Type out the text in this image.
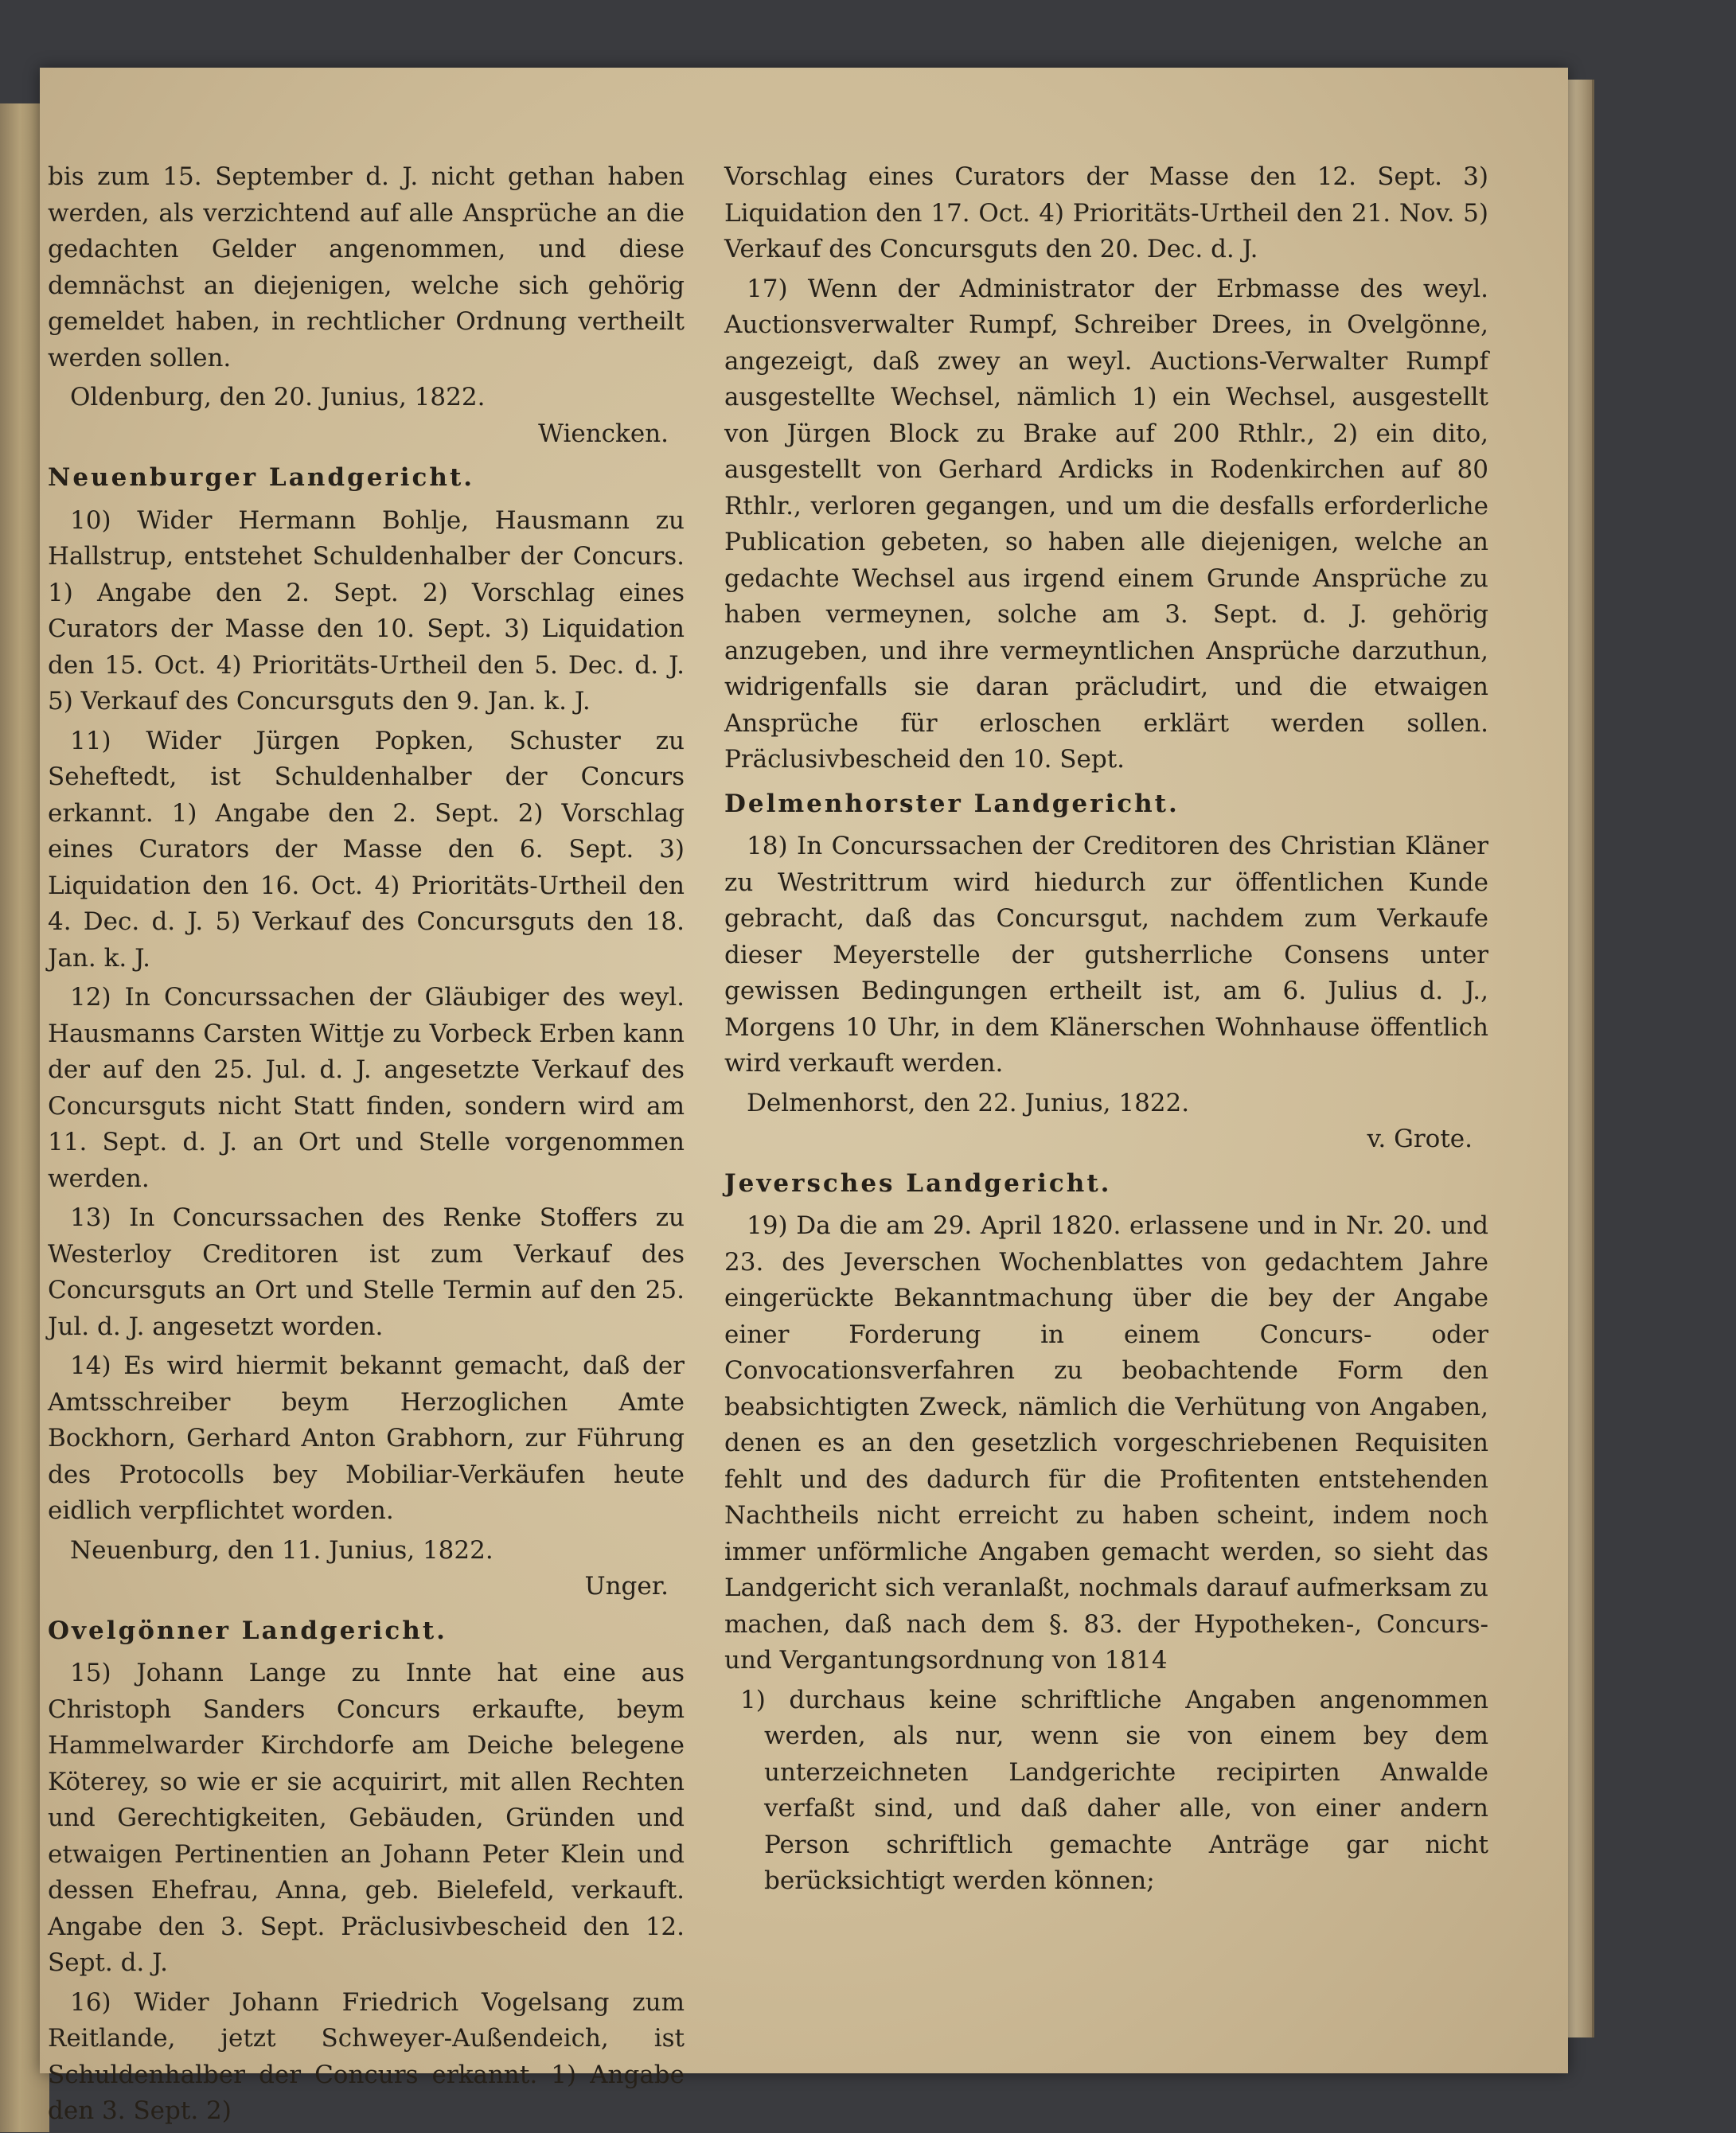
bis zum 15. September d. J. nicht gethan haben werden, als verzichtend auf alle Ansprüche an die gedachten Gelder angenommen, und diese demnächst an diejenigen, welche sich gehörig gemeldet haben, in rechtlicher Ordnung vertheilt werden sollen.

Oldenburg, den 20. Junius, 1822.

Wiencken.

Neuenburger Landgericht.

10) Wider Hermann Bohlje, Hausmann zu Hallstrup, entstehet Schuldenhalber der Concurs. 1) Angabe den 2. Sept. 2) Vorschlag eines Curators der Masse den 10. Sept. 3) Liquidation den 15. Oct. 4) Prioritäts-Urtheil den 5. Dec. d. J. 5) Verkauf des Concursguts den 9. Jan. k. J.

11) Wider Jürgen Popken, Schuster zu Seheftedt, ist Schuldenhalber der Concurs erkannt. 1) Angabe den 2. Sept. 2) Vorschlag eines Curators der Masse den 6. Sept. 3) Liquidation den 16. Oct. 4) Prioritäts-Urtheil den 4. Dec. d. J. 5) Verkauf des Concursguts den 18. Jan. k. J.

12) In Concurssachen der Gläubiger des weyl. Hausmanns Carsten Wittje zu Vorbeck Erben kann der auf den 25. Jul. d. J. angesetzte Verkauf des Concursguts nicht Statt finden, sondern wird am 11. Sept. d. J. an Ort und Stelle vorgenommen werden.

13) In Concurssachen des Renke Stoffers zu Westerloy Creditoren ist zum Verkauf des Concursguts an Ort und Stelle Termin auf den 25. Jul. d. J. angesetzt worden.

14) Es wird hiermit bekannt gemacht, daß der Amtsschreiber beym Herzoglichen Amte Bockhorn, Gerhard Anton Grabhorn, zur Führung des Protocolls bey Mobiliar-Verkäufen heute eidlich verpflichtet worden.

Neuenburg, den 11. Junius, 1822.

Unger.

Ovelgönner Landgericht.

15) Johann Lange zu Innte hat eine aus Christoph Sanders Concurs erkaufte, beym Hammelwarder Kirchdorfe am Deiche belegene Köterey, so wie er sie acquirirt, mit allen Rechten und Gerechtigkeiten, Gebäuden, Gründen und etwaigen Pertinentien an Johann Peter Klein und dessen Ehefrau, Anna, geb. Bielefeld, verkauft. Angabe den 3. Sept. Präclusivbescheid den 12. Sept. d. J.

16) Wider Johann Friedrich Vogelsang zum Reitlande, jetzt Schweyer-Außendeich, ist Schuldenhalber der Concurs erkannt. 1) Angabe den 3. Sept. 2)

Vorschlag eines Curators der Masse den 12. Sept. 3) Liquidation den 17. Oct. 4) Prioritäts-Urtheil den 21. Nov. 5) Verkauf des Concursguts den 20. Dec. d. J.

17) Wenn der Administrator der Erbmasse des weyl. Auctionsverwalter Rumpf, Schreiber Drees, in Ovelgönne, angezeigt, daß zwey an weyl. Auctions-Verwalter Rumpf ausgestellte Wechsel, nämlich 1) ein Wechsel, ausgestellt von Jürgen Block zu Brake auf 200 Rthlr., 2) ein dito, ausgestellt von Gerhard Ardicks in Rodenkirchen auf 80 Rthlr., verloren gegangen, und um die desfalls erforderliche Publication gebeten, so haben alle diejenigen, welche an gedachte Wechsel aus irgend einem Grunde Ansprüche zu haben vermeynen, solche am 3. Sept. d. J. gehörig anzugeben, und ihre vermeyntlichen Ansprüche darzuthun, widrigenfalls sie daran präcludirt, und die etwaigen Ansprüche für erloschen erklärt werden sollen. Präclusivbescheid den 10. Sept.

Delmenhorster Landgericht.

18) In Concurssachen der Creditoren des Christian Kläner zu Westrittrum wird hiedurch zur öffentlichen Kunde gebracht, daß das Concursgut, nachdem zum Verkaufe dieser Meyerstelle der gutsherrliche Consens unter gewissen Bedingungen ertheilt ist, am 6. Julius d. J., Morgens 10 Uhr, in dem Klänerschen Wohnhause öffentlich wird verkauft werden.

Delmenhorst, den 22. Junius, 1822.

v. Grote.

Jeversches Landgericht.

19) Da die am 29. April 1820. erlassene und in Nr. 20. und 23. des Jeverschen Wochenblattes von gedachtem Jahre eingerückte Bekanntmachung über die bey der Angabe einer Forderung in einem Concurs- oder Convocationsverfahren zu beobachtende Form den beabsichtigten Zweck, nämlich die Verhütung von Angaben, denen es an den gesetzlich vorgeschriebenen Requisiten fehlt und des dadurch für die Profitenten entstehenden Nachtheils nicht erreicht zu haben scheint, indem noch immer unförmliche Angaben gemacht werden, so sieht das Landgericht sich veranlaßt, nochmals darauf aufmerksam zu machen, daß nach dem §. 83. der Hypotheken-, Concurs- und Vergantungsordnung von 1814

1) durchaus keine schriftliche Angaben angenommen werden, als nur, wenn sie von einem bey dem unterzeichneten Landgerichte recipirten Anwalde verfaßt sind, und daß daher alle, von einer andern Person schriftlich gemachte Anträge gar nicht berücksichtigt werden können;
